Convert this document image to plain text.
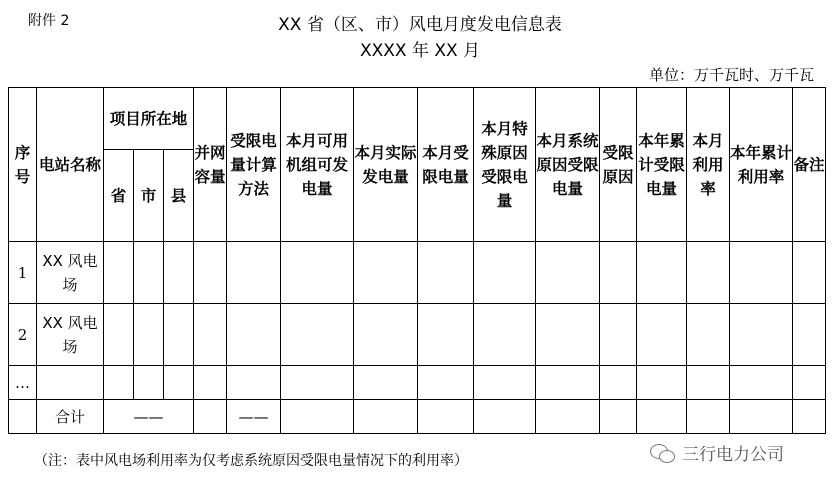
附件 2	XX 省（区、市）风电月度发电信息表
XXXX 年 XX 月
单位：万千瓦时、万千瓦
序号	电站名称	项目所在地			并网容量	受限电量计算方法	本月可用机组可发电量	本月实际发电量	本月受限电量	本月特殊原因受限电量	本月系统原因受限电量	受限原因	本年累计受限电量	本月利用率	本年累计利用率	备注
		省	市	县												
1	XX 风电场															
2	XX 风电场															
…																
	合计	——				——										
（注：表中风电场利用率为仅考虑系统原因受限电量情况下的利用率）	三行电力公司
